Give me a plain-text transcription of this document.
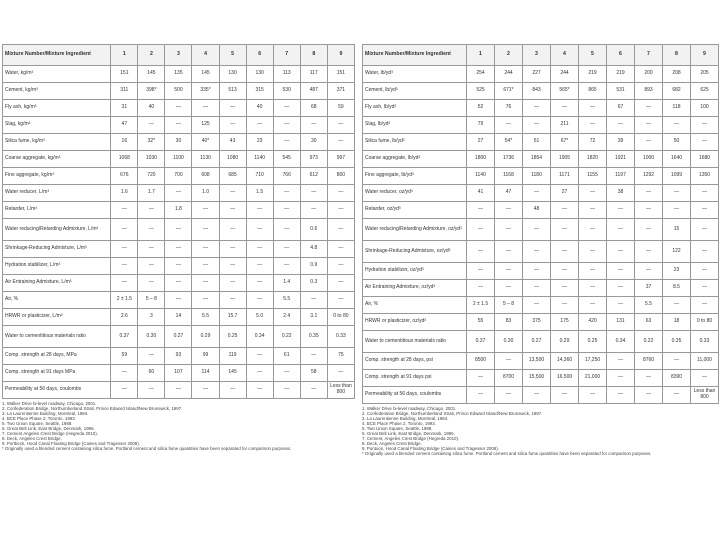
Mixture Number/Mixture Ingredient	1	2	3	4	5	6	7	8	9
Water, kg/m³	151	145	135	145	130	130	113	117	151
Cement, kg/m³	311	398*	500	335*	513	315	530	487	371
Fly ash, kg/m³	31	40	—	—	—	40	—	68	59
Slag, kg/m³	47	—	—	125	—	—	—	—	—
Silica fume, kg/m³	16	32*	30	40*	43	23	—	30	—
Coarse aggregate, kg/m³	1068	1030	1100	1130	1080	1140	545	973	997
Fine aggregate, kg/m³	676	720	700	608	685	710	766	612	800
Water reducer, L/m³	1.6	1.7	—	1.0	—	1.5	—	—	—
Retarder, L/m³	—	—	1.8	—	—	—	—	—	—
Water reducing/Retarding Admixture, L/m³	—	—	—	—	—	—	—	0.6	—
Shrinkage-Reducing Admixture, L/m³	—	—	—	—	—	—	—	4.8	—
Hydration stabilizer, L/m³	—	—	—	—	—	—	—	0.9	—
Air Entraining Admixture, L/m³	—	—	—	—	—	—	1.4	0.3	—
Air, %	2 ± 1.5	5 – 8	—	—	—	—	5.5	—	—
HRWR or plasticizer, L/m³	2.6	3	14	5.5	15.7	5.0	2.4	3.1	0 to 80
Water to cementitious materials ratio	0.37	0.30	0.27	0.29	0.25	0.34	0.22	0.35	0.33
Comp. strength at 28 days, MPa	59	—	93	99	119	—	61	—	75
Comp. strength at 91 days MPa	—	60	107	114	145	—	—	58	—
Permeability at 56 days, coulombs	—	—	—	—	—	—	—	—	Less than 800
1. Walker Drive bi-level roadway, Chicago, 2001.
2. Confederation Bridge, Northumberland Strait, Prince Edward Island/New Brunswick, 1997.
3. La Laurentienne Building, Montreal, 1984.
4. BCE Place Phase 2, Toronto, 1993.
5. Two Union Square, Seattle, 1988.
6. Great Belt Link, East Bridge, Denmark, 1996.
7. Cement Angeles Crest Bridge (Hegreda 2010).
8. Deck, Angeles Crest Bridge.
9. Portbeck, Hood Canal Floating Bridge (Caines and Tragesser 2008).
* Originally used a blended cement containing silica fume. Portland cement and silica fume quantities have been separated for comparison purposes.
Mixture Number/Mixture Ingredient	1	2	3	4	5	6	7	8	9
Water, lb/yd³	254	244	227	244	219	219	200	208	205
Cement, lb/yd³	525	671*	843	565*	865	531	893	682	625
Fly ash, lb/yd³	52	76	—	—	—	67	—	118	100
Slag, lb/yd³	79	—	—	211	—	—	—	—	—
Silica fume, lb/yd³	27	54*	51	67*	72	39	—	50	—
Coarse aggregate, lb/yd³	1800	1736	1854	1905	1820	1921	1000	1640	1680
Fine aggregate, lb/yd³	1140	1168	1180	1171	1155	1197	1292	1099	1350
Water reducer, oz/yd³	41	47	—	27	—	38	—	—	—
Retarder, oz/yd³	—	—	48	—	—	—	—	—	—
Water reducing/Retarding Admixture, oz/yd³	—	—	—	—	—	—	—	15	—
Shrinkage-Reducing Admixture, oz/yd³	—	—	—	—	—	—	—	122	—
Hydration stabilizer, oz/yd³	—	—	—	—	—	—	—	23	—
Air Entraining Admixture, oz/yd³	—	—	—	—	—	—	37	8.5	—
Air, %	2 ± 1.5	5 – 8	—	—	—	—	5.5	—	—
HRWR or plasticizer, oz/yd³	55	83	375	175	420	131	63	18	0 to 80
Water to cementitious materials ratio	0.37	0.30	0.27	0.29	0.25	0.34	0.22	0.35	0.33
Comp. strength at 28 days, psi	8500	—	13,500	14,360	17,250	—	8760	—	11,000
Comp. strength at 91 days psi	—	8700	15,500	16,500	21,000	—	—	8390	—
Permeability at 56 days, coulombs	—	—	—	—	—	—	—	—	Less than 800
1. Walker Drive bi-level roadway, Chicago, 2001.
2. Confederation Bridge, Northumberland Strait, Prince Edward Island/New Brunswick, 1997.
3. La Laurentienne Building, Montreal, 1984.
4. BCE Place Phase 2, Toronto, 1993.
5. Two Union Square, Seattle, 1988.
6. Great Belt Link, East Bridge, Denmark, 1996.
7. Cement, Angeles Crest Bridge (Hegreda 2010).
8. Deck, Angeles Crest Bridge.
9. Pontoon, Hood Canal Floating Bridge (Caines and Tragesser 2008).
* Originally used a blended cement containing silica fume. Portland cement and silica fume quantities have been separated for comparison purposes.
